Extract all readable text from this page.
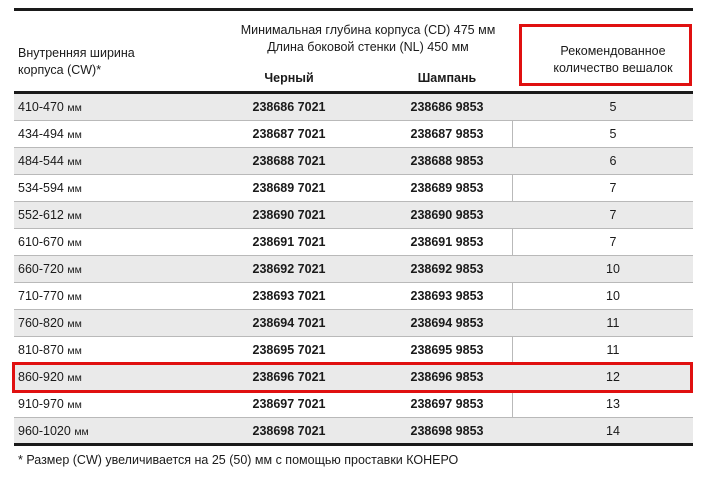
Внутренняя ширина
корпуса (CW)*
Минимальная глубина корпуса (CD) 475 мм
Длина боковой стенки (NL) 450 мм
Черный	Шампань
Рекомендованное
количество вешалок
410-470 мм	238686 7021	238686 9853	5
434-494 мм	238687 7021	238687 9853	5
484-544 мм	238688 7021	238688 9853	6
534-594 мм	238689 7021	238689 9853	7
552-612 мм	238690 7021	238690 9853	7
610-670 мм	238691 7021	238691 9853	7
660-720 мм	238692 7021	238692 9853	10
710-770 мм	238693 7021	238693 9853	10
760-820 мм	238694 7021	238694 9853	11
810-870 мм	238695 7021	238695 9853	11
860-920 мм	238696 7021	238696 9853	12
910-970 мм	238697 7021	238697 9853	13
960-1020 мм	238698 7021	238698 9853	14
* Размер (CW) увеличивается на 25 (50) мм с помощью проставки КОНЕРО
